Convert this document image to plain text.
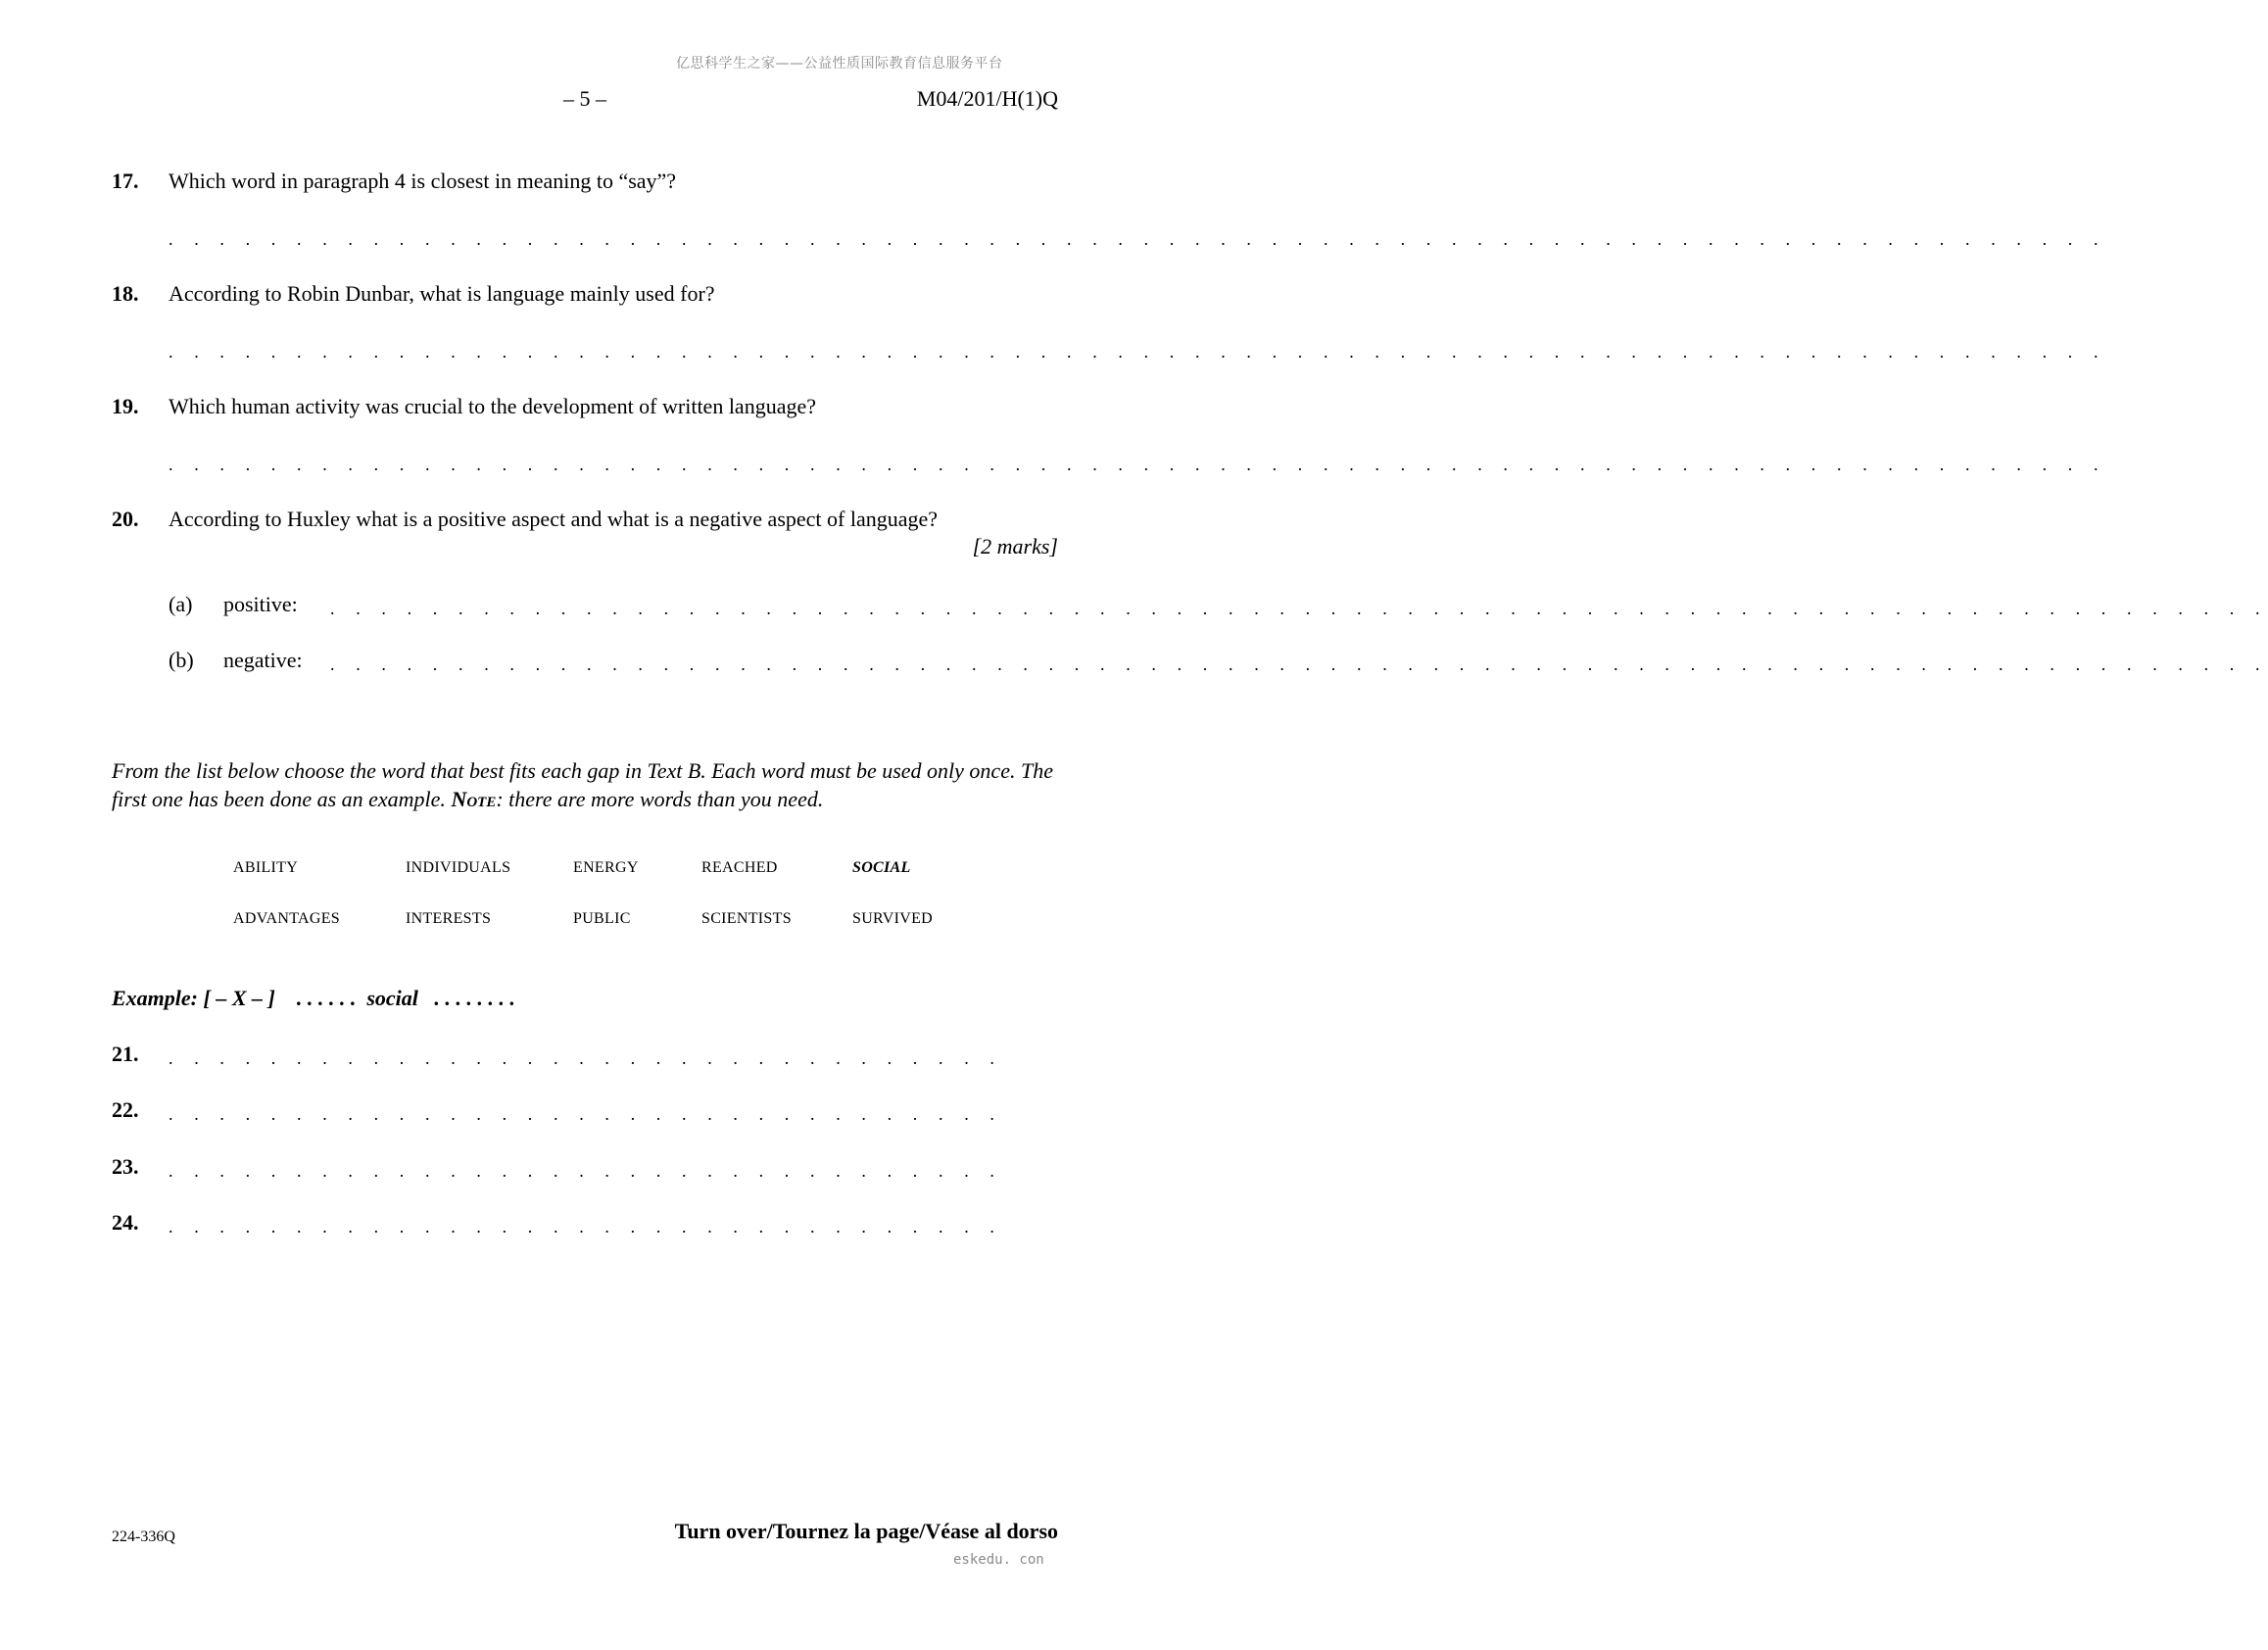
亿思科学生之家——公益性质国际教育信息服务平台
– 5 –	M04/201/H(1)Q
17. Which word in paragraph 4 is closest in meaning to “say”?
. . . . . . . . . . . . . . . . . . . . . . . . . . . . . . . . . . . . . . . . . . . . . . . . . . . . . . . . . . . . . . . . . . . . . . . . . . . .
18. According to Robin Dunbar, what is language mainly used for?
. . . . . . . . . . . . . . . . . . . . . . . . . . . . . . . . . . . . . . . . . . . . . . . . . . . . . . . . . . . . . . . . . . . . . . . . . . . .
19. Which human activity was crucial to the development of written language?
. . . . . . . . . . . . . . . . . . . . . . . . . . . . . . . . . . . . . . . . . . . . . . . . . . . . . . . . . . . . . . . . . . . . . . . . . . . .
20. According to Huxley what is a positive aspect and what is a negative aspect of language?
[2 marks]
(a) positive: . . . . . . . . . . . . . . . . . . . . . . . . . . . . . . . . . . . . . . . . . . . . . . . . . . . . . . . . . . . . . . . . . . . . . . . . . . . .
(b) negative: . . . . . . . . . . . . . . . . . . . . . . . . . . . . . . . . . . . . . . . . . . . . . . . . . . . . . . . . . . . . . . . . . . . . . . . . . . . .
From the list below choose the word that best fits each gap in Text B. Each word must be used only once. The first one has been done as an example. Note: there are more words than you need.
ABILITY	INDIVIDUALS	ENERGY	REACHED	SOCIAL
ADVANTAGES	INTERESTS	PUBLIC	SCIENTISTS	SURVIVED
Example: [ – X – ] . . . . . . social . . . . . . . .
21. . . . . . . . . . . . . . . . . . . . . . . . . . . . . . . . . .
22. . . . . . . . . . . . . . . . . . . . . . . . . . . . . . . . . .
23. . . . . . . . . . . . . . . . . . . . . . . . . . . . . . . . . .
24. . . . . . . . . . . . . . . . . . . . . . . . . . . . . . . . . .
224-336Q	Turn over/Tournez la page/Véase al dorso
eskedu. con
